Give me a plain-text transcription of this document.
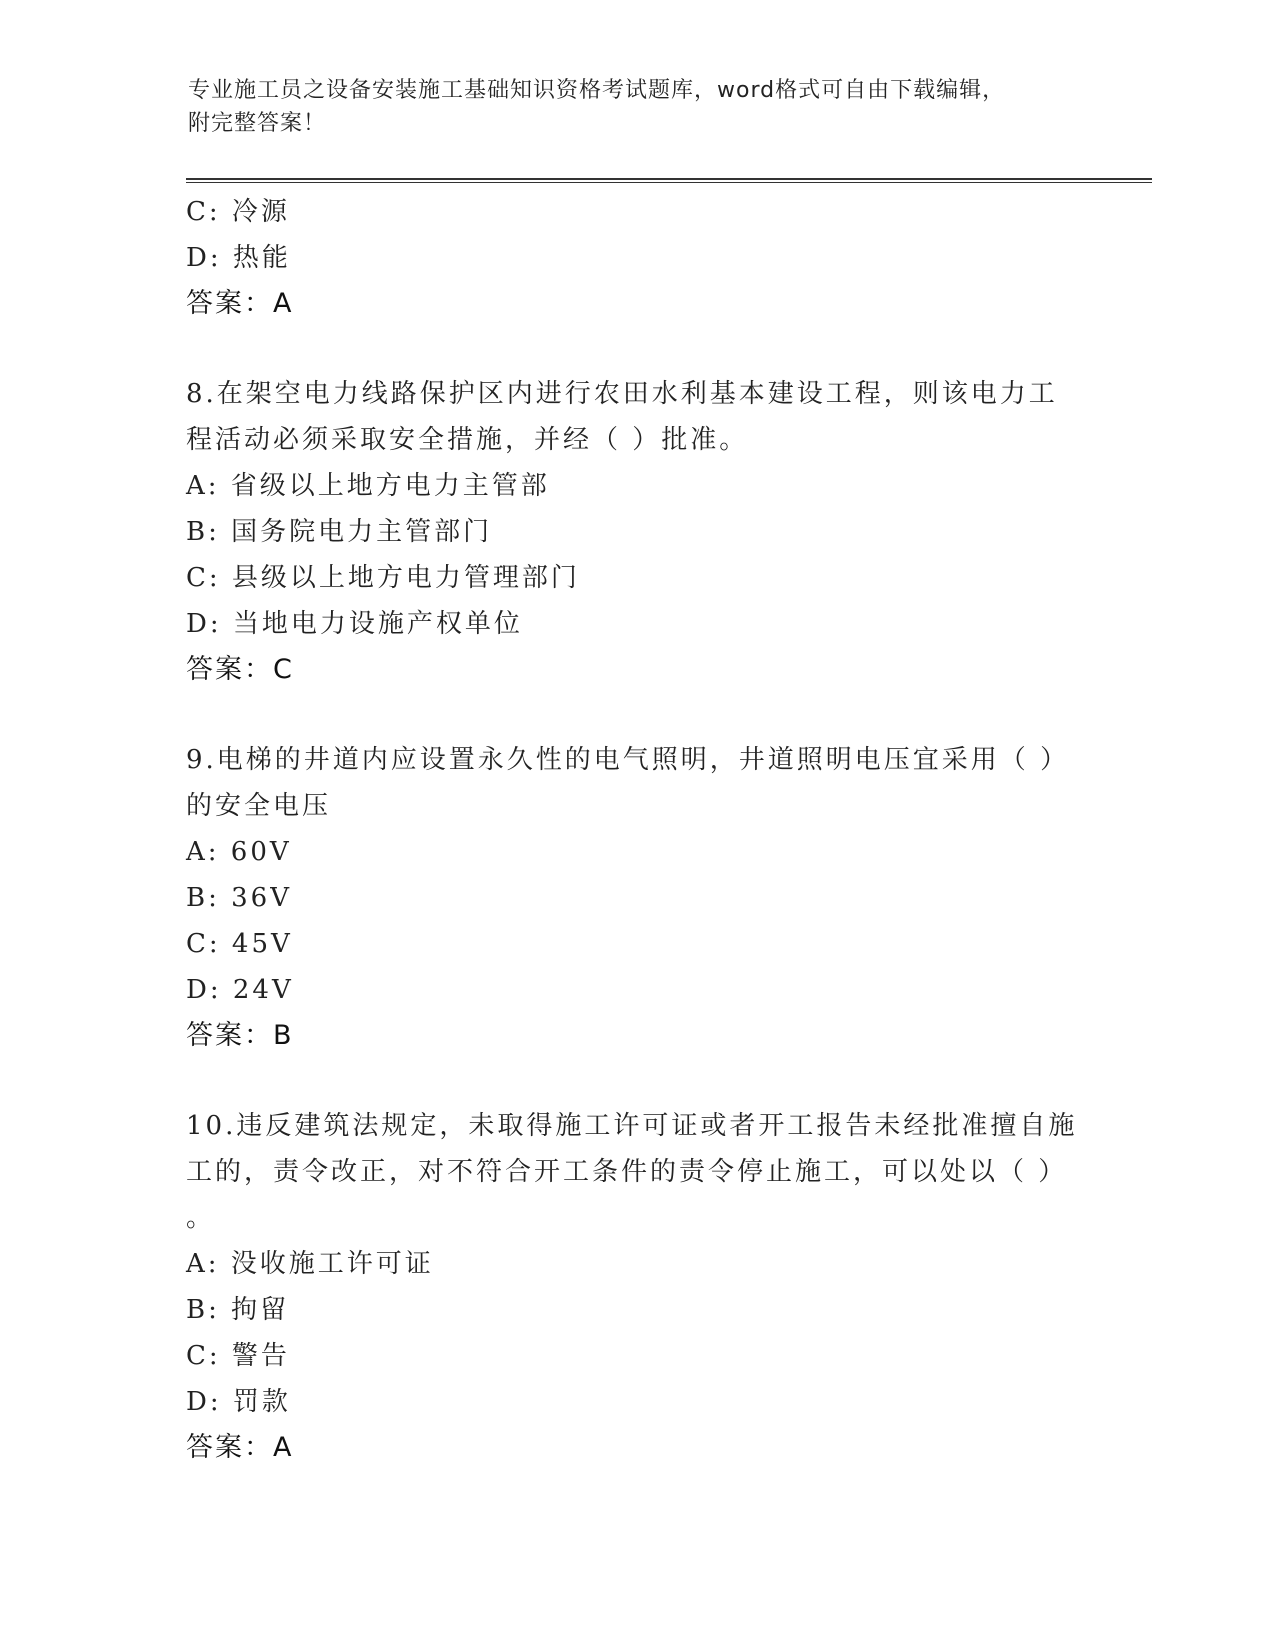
专业施工员之设备安装施工基础知识资格考试题库，word格式可自由下载编辑，
附完整答案！
C: 冷源
D: 热能
答案：A
8.在架空电力线路保护区内进行农田水利基本建设工程，则该电力工
程活动必须采取安全措施，并经（ ）批准。
A: 省级以上地方电力主管部
B: 国务院电力主管部门
C: 县级以上地方电力管理部门
D: 当地电力设施产权单位
答案：C
9.电梯的井道内应设置永久性的电气照明，井道照明电压宜采用（ ）
的安全电压
A: 60V
B: 36V
C: 45V
D: 24V
答案：B
10.违反建筑法规定，未取得施工许可证或者开工报告未经批准擅自施
工的，责令改正，对不符合开工条件的责令停止施工，可以处以（ ）
。
A: 没收施工许可证
B: 拘留
C: 警告
D: 罚款
答案：A
